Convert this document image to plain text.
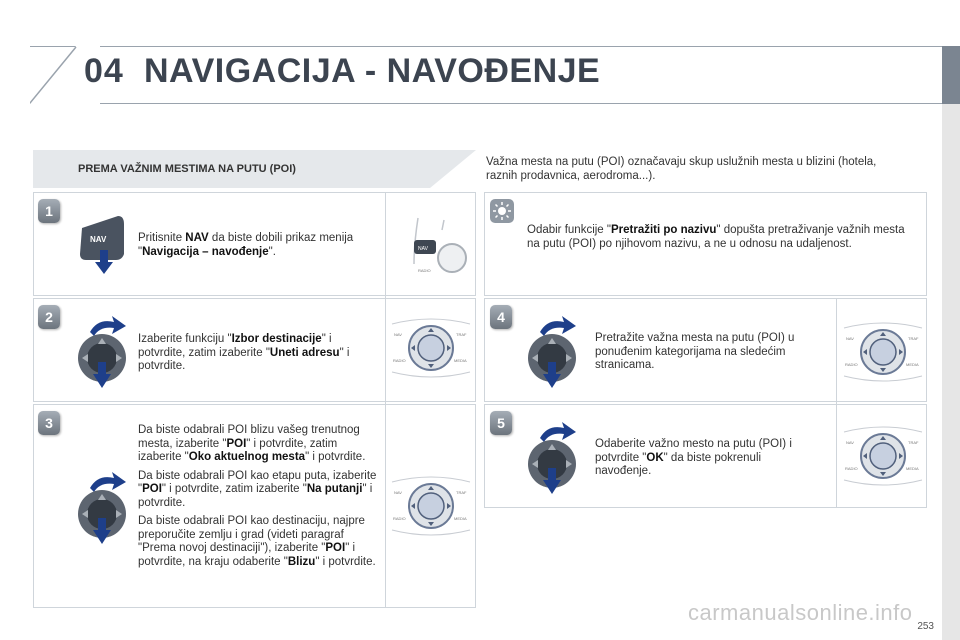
04 NAVIGACIJA - NAVOĐENJE
PREMA VAŽNIM MESTIMA NA PUTU (POI)
Važna mesta na putu (POI) označavaju skup uslužnih mesta u blizini (hotela, raznih prodavnica, aerodroma...).
1
2
3
4
5
NAV	Pritisnite NAV da biste dobili prikaz menija "Navigacija – navođenje".	NAV
RADIO
Izaberite funkciju "Izbor destinacije" i potvrdite, zatim izaberite "Uneti adresu" i potvrdite.
NAV	TRAF
RADIO	MEDIA
Da biste odabrali POI blizu vašeg trenutnog mesta, izaberite "POI" i potvrdite, zatim izaberite "Oko aktuelnog mesta" i potvrdite.
Da biste odabrali POI kao etapu puta, izaberite "POI" i potvrdite, zatim izaberite "Na putanji" i potvrdite.
Da biste odabrali POI kao destinaciju, najpre preporučite zemlju i grad (videti paragraf "Prema novoj destinaciji"), izaberite "POI" i potvrdite, na kraju odaberite "Blizu" i potvrdite.
NAV	TRAF
RADIO	MEDIA
Odabir funkcije "Pretražiti po nazivu" dopušta pretraživanje važnih mesta na putu (POI) po njihovom nazivu, a ne u odnosu na udaljenost.
Pretražite važna mesta na putu (POI) u ponuđenim kategorijama na sledećim stranicama.
NAV	TRAF
RADIO	MEDIA
Odaberite važno mesto na putu (POI) i potvrdite "OK" da biste pokrenuli navođenje.
NAV	TRAF
RADIO	MEDIA
carmanualsonline.info
253
